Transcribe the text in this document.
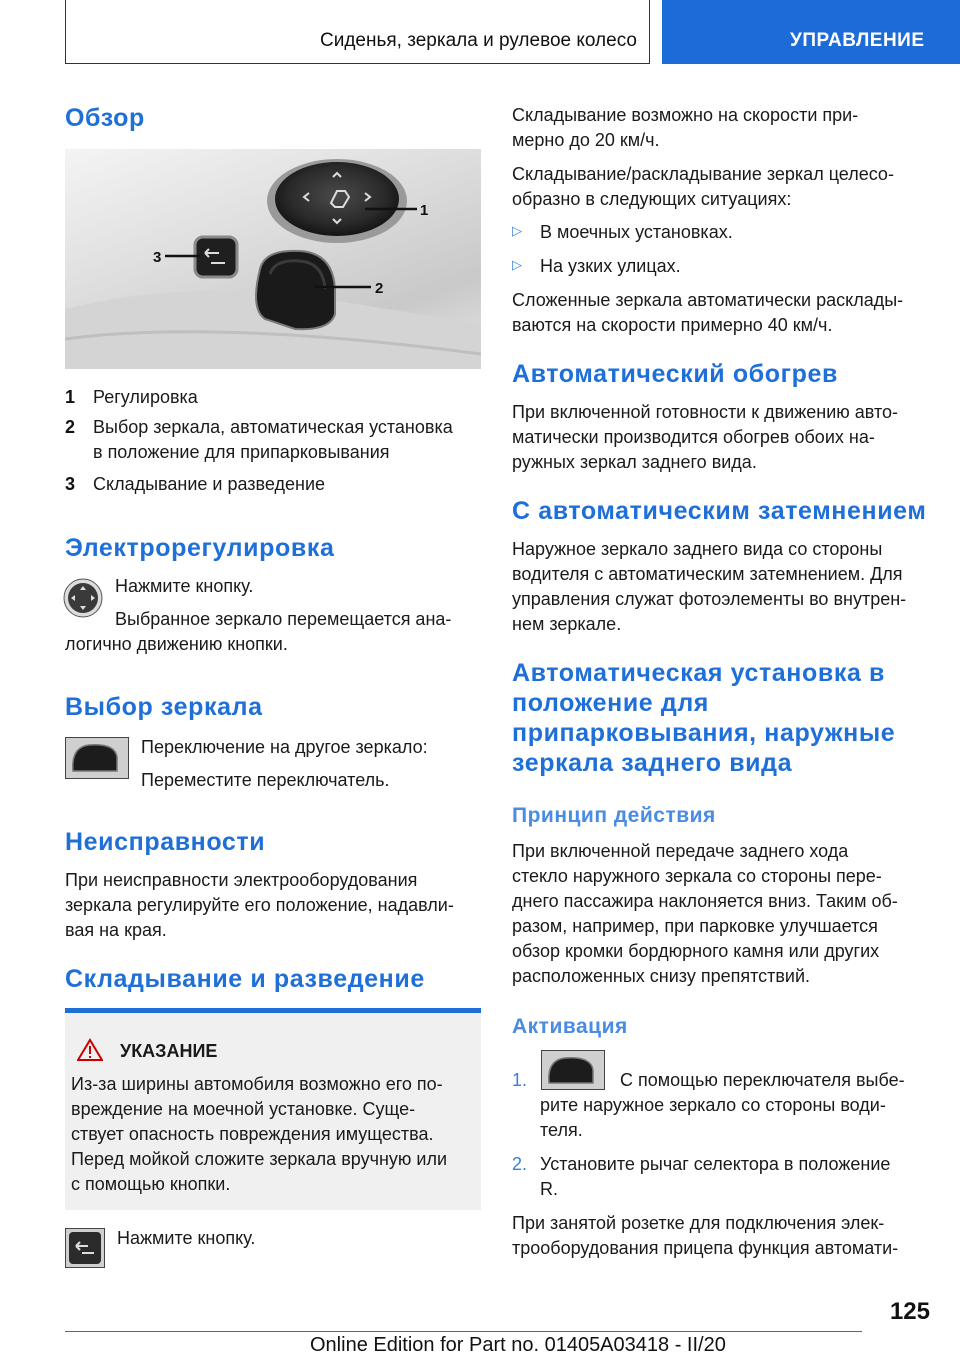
Сиденья, зеркала и рулевое колесо	УПРАВЛЕНИЕ
Обзор
1
2
3
1 Регулировка
2 Выбор зеркала, автоматическая установка
в положение для припарковывания
3 Складывание и разведение
Электрорегулировка
Нажмите кнопку.
Выбранное зеркало перемещается ана-
логично движению кнопки.
Выбор зеркала
Переключение на другое зеркало:
Переместите переключатель.
Неисправности
При неисправности электрооборудования
зеркала регулируйте его положение, надавли-
вая на края.
Складывание и разведение
УКАЗАНИЕ
Из-за ширины автомобиля возможно его по-
вреждение на моечной установке. Суще-
ствует опасность повреждения имущества.
Перед мойкой сложите зеркала вручную или
с помощью кнопки.
Нажмите кнопку.
Складывание возможно на скорости при-
мерно до 20 км/ч.
Складывание/раскладывание зеркал целесо-
образно в следующих ситуациях:
▷ В моечных установках.
▷ На узких улицах.
Сложенные зеркала автоматически расклады-
ваются на скорости примерно 40 км/ч.
Автоматический обогрев
При включенной готовности к движению авто-
матически производится обогрев обоих на-
ружных зеркал заднего вида.
С автоматическим затемнением
Наружное зеркало заднего вида со стороны
водителя с автоматическим затемнением. Для
управления служат фотоэлементы во внутрен-
нем зеркале.
Автоматическая установка в
положение для
припарковывания, наружные
зеркала заднего вида
Принцип действия
При включенной передаче заднего хода
стекло наружного зеркала со стороны пере-
днего пассажира наклоняется вниз. Таким об-
разом, например, при парковке улучшается
обзор кромки бордюрного камня или других
расположенных снизу препятствий.
Активация
1.	С помощью переключателя выбе-
рите наружное зеркало со стороны води-
теля.
2. Установите рычаг селектора в положение
R.
При занятой розетке для подключения элек-
трооборудования прицепа функция автомати-
125
Online Edition for Part no. 01405A03418 - II/20
